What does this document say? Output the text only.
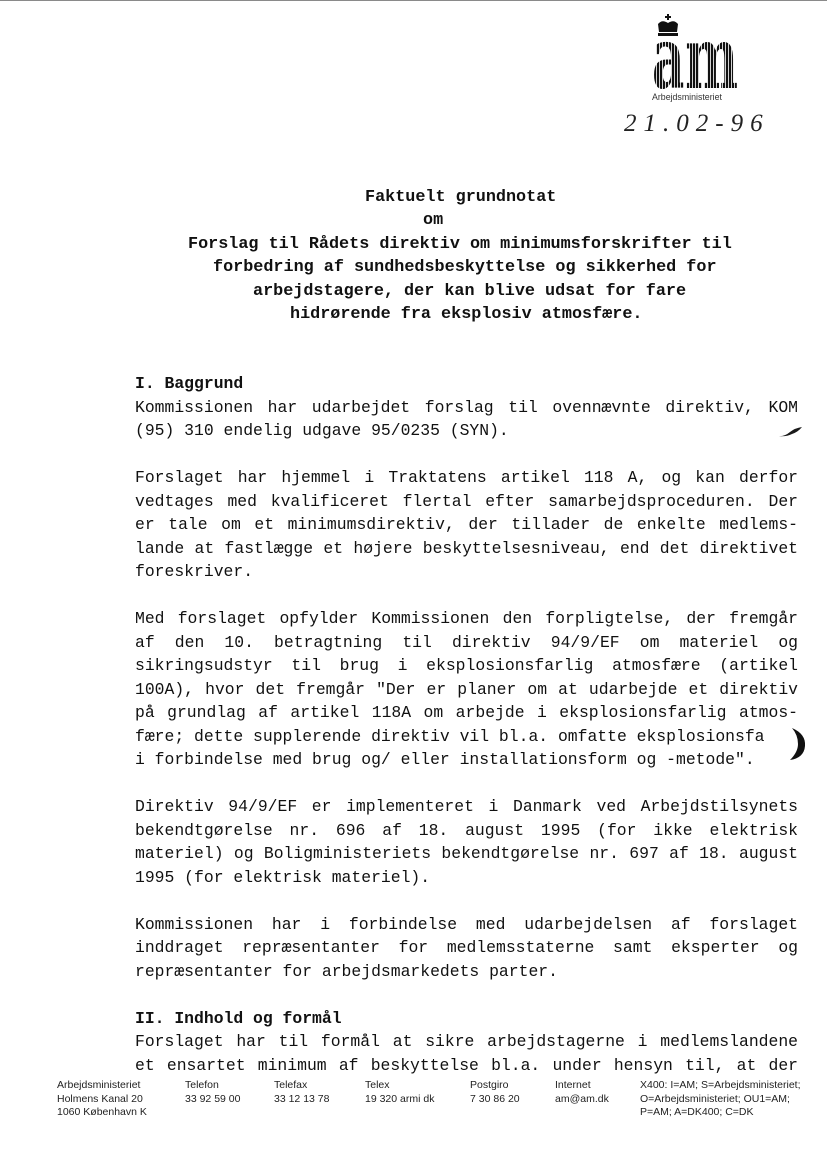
am
Arbejdsministeriet
21.02-96
Faktuelt grundnotat
om
Forslag til Rådets direktiv om minimumsforskrifter til
forbedring af sundhedsbeskyttelse og sikkerhed for
arbejdstagere, der kan blive udsat for fare
hidrørende fra eksplosiv atmosfære.
I. Baggrund
Kommissionen har udarbejdet forslag til ovennævnte direktiv, KOM
(95) 310 endelig udgave 95/0235 (SYN).
Forslaget har hjemmel i Traktatens artikel 118 A, og kan derfor
vedtages med kvalificeret flertal efter samarbejdsproceduren. Der
er tale om et minimumsdirektiv, der tillader de enkelte medlems-
lande at fastlægge et højere beskyttelsesniveau, end det direktivet
foreskriver.
Med forslaget opfylder Kommissionen den forpligtelse, der fremgår
af den 10. betragtning til direktiv 94/9/EF om materiel og
sikringsudstyr til brug i eksplosionsfarlig atmosfære (artikel
100A), hvor det fremgår "Der er planer om at udarbejde et direktiv
på grundlag af artikel 118A om arbejde i eksplosionsfarlig atmos-
fære; dette supplerende direktiv vil bl.a. omfatte eksplosionsfa
i forbindelse med brug og/ eller installationsform og -metode".
Direktiv 94/9/EF er implementeret i Danmark ved Arbejdstilsynets
bekendtgørelse nr. 696 af 18. august 1995 (for ikke elektrisk
materiel) og Boligministeriets bekendtgørelse nr. 697 af 18. august
1995 (for elektrisk materiel).
Kommissionen har i forbindelse med udarbejdelsen af forslaget
inddraget repræsentanter for medlemsstaterne samt eksperter og
repræsentanter for arbejdsmarkedets parter.
II. Indhold og formål
Forslaget har til formål at sikre arbejdstagerne i medlemslandene
et ensartet minimum af beskyttelse bl.a. under hensyn til, at der
Arbejdsministeriet
Holmens Kanal 20
1060 København K
Telefon
33 92 59 00
Telefax
33 12 13 78
Telex
19 320 armi dk
Postgiro
7 30 86 20
Internet
am@am.dk
X400: I=AM; S=Arbejdsministeriet;
O=Arbejdsministeriet; OU1=AM;
P=AM; A=DK400; C=DK
